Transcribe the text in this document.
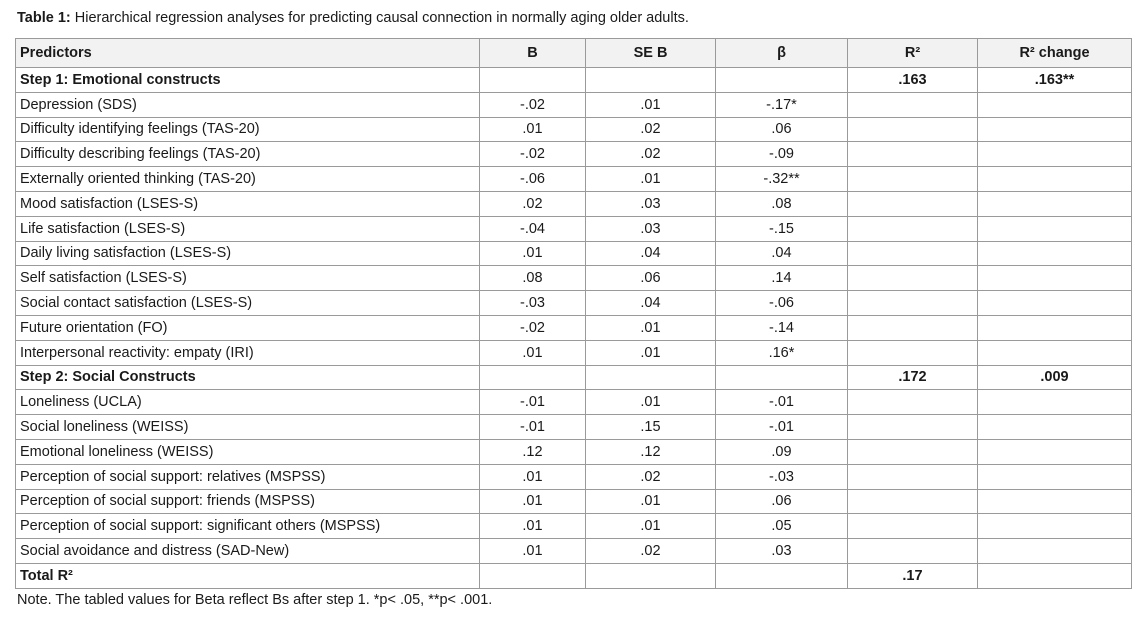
Table 1: Hierarchical regression analyses for predicting causal connection in normally aging older adults.
Predictors	B	SE B	β	R²	R² change
Step 1: Emotional constructs				.163	.163**
Depression (SDS)	-.02	.01	-.17*		
Difficulty identifying feelings (TAS-20)	.01	.02	.06		
Difficulty describing feelings (TAS-20)	-.02	.02	-.09		
Externally oriented thinking (TAS-20)	-.06	.01	-.32**		
Mood satisfaction (LSES-S)	.02	.03	.08		
Life satisfaction (LSES-S)	-.04	.03	-.15		
Daily living satisfaction (LSES-S)	.01	.04	.04		
Self satisfaction (LSES-S)	.08	.06	.14		
Social contact satisfaction (LSES-S)	-.03	.04	-.06		
Future orientation (FO)	-.02	.01	-.14		
Interpersonal reactivity: empaty (IRI)	.01	.01	.16*		
Step 2: Social Constructs				.172	.009
Loneliness (UCLA)	-.01	.01	-.01		
Social loneliness (WEISS)	-.01	.15	-.01		
Emotional loneliness (WEISS)	.12	.12	.09		
Perception of social support: relatives (MSPSS)	.01	.02	-.03		
Perception of social support: friends (MSPSS)	.01	.01	.06		
Perception of social support: significant others (MSPSS)	.01	.01	.05		
Social avoidance and distress (SAD-New)	.01	.02	.03		
Total R²				.17	
Note. The tabled values for Beta reflect Bs after step 1. *p< .05, **p< .001.
